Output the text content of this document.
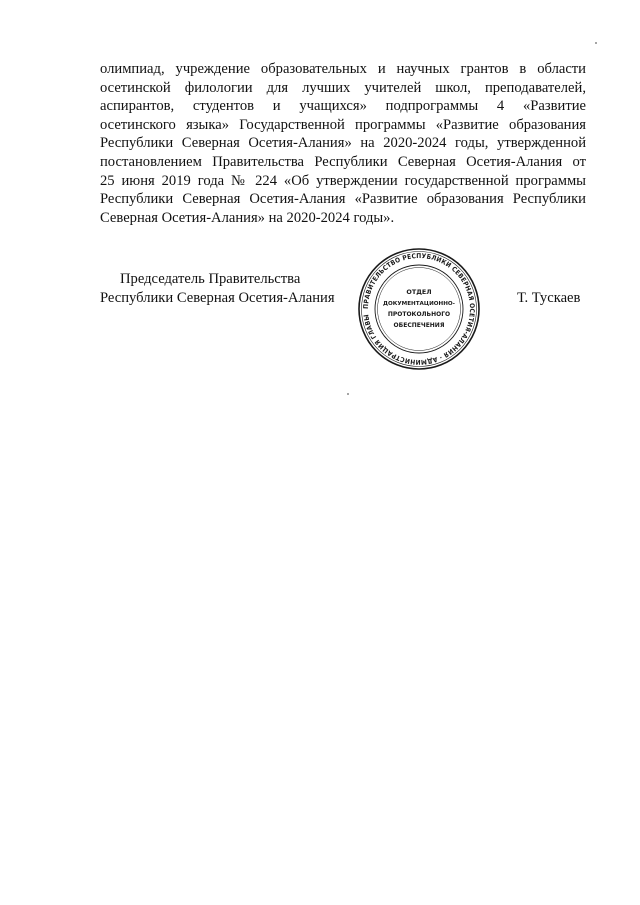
олимпиад, учреждение образовательных и научных грантов в области
осетинской филологии для лучших учителей школ, преподавателей,
аспирантов, студентов и учащихся» подпрограммы 4 «Развитие
осетинского языка» Государственной программы «Развитие образования
Республики Северная Осетия-Алания» на 2020-2024 годы, утвержденной
постановлением Правительства Республики Северная Осетия-Алания от
25 июня 2019 года № 224 «Об утверждении государственной программы
Республики Северная Осетия-Алания «Развитие образования Республики
Северная Осетия-Алания» на 2020-2024 годы».
Председатель Правительства
Республики Северная Осетия-Алания
ПРАВИТЕЛЬСТВО РЕСПУБЛИКИ СЕВЕРНАЯ ОСЕТИЯ-АЛАНИЯ · АДМИНИСТРАЦИЯ ГЛАВЫ
ОТДЕЛ
ДОКУМЕНТАЦИОННО-
ПРОТОКОЛЬНОГО
ОБЕСПЕЧЕНИЯ
Т. Тускаев
